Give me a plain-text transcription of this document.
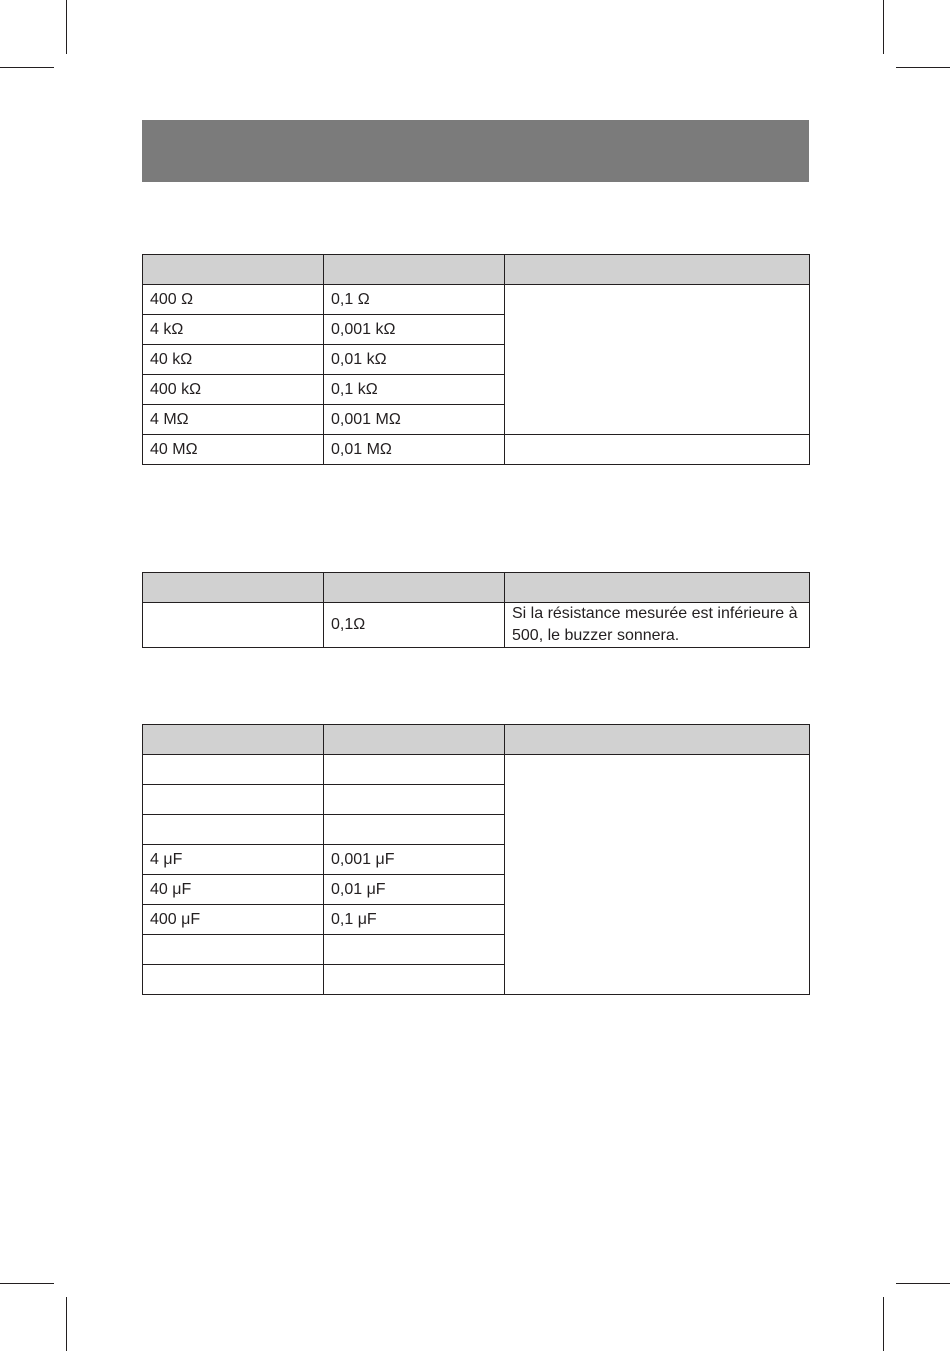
400 Ω	0,1 Ω	
4 kΩ	0,001 kΩ	
40 kΩ	0,01 kΩ	
400 kΩ	0,1 kΩ	
4 MΩ	0,001 MΩ	
40 MΩ	0,01 MΩ	

	0,1Ω	Si la résistance mesurée est inférieure à 500, le buzzer sonnera.

4 μF	0,001 μF	
40 μF	0,01 μF	
400 μF	0,1 μF	
